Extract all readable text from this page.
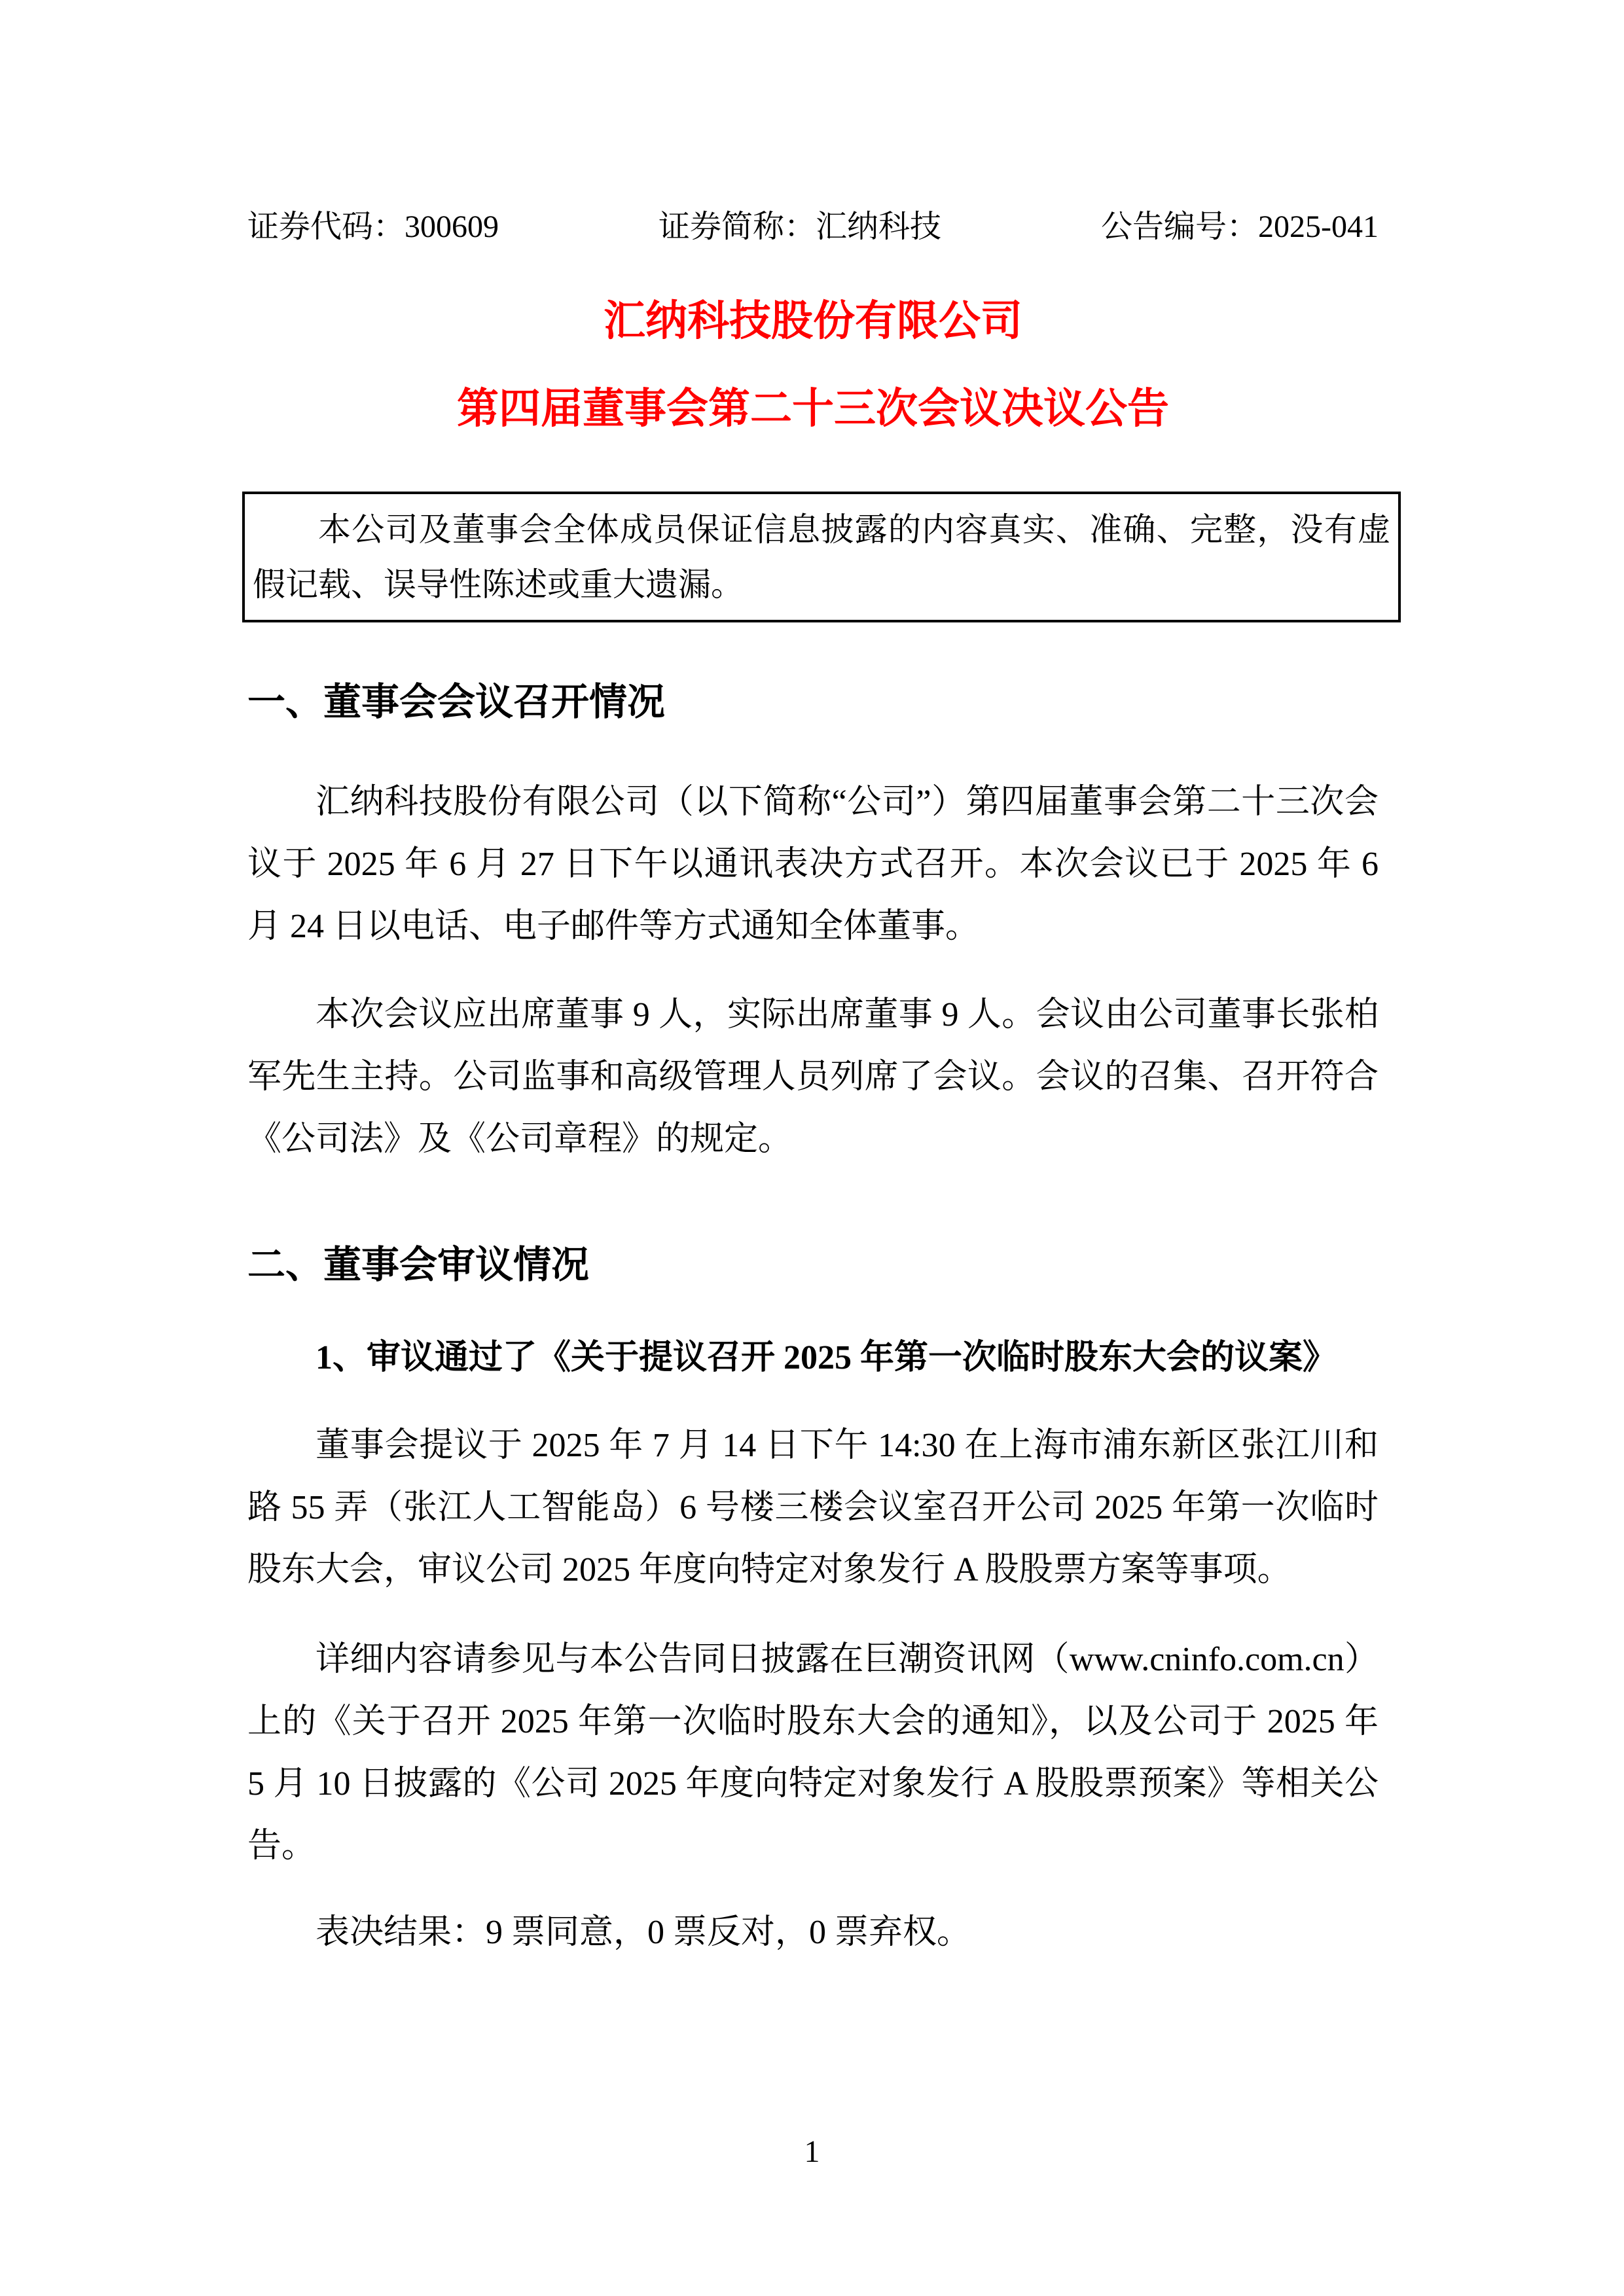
证券代码：300609	证券简称：汇纳科技	公告编号：2025-041
汇纳科技股份有限公司
第四届董事会第二十三次会议决议公告

本公司及董事会全体成员保证信息披露的内容真实、准确、完整，没有虚假记载、误导性陈述或重大遗漏。

一、董事会会议召开情况

汇纳科技股份有限公司（以下简称“公司”）第四届董事会第二十三次会议于 2025 年 6 月 27 日下午以通讯表决方式召开。本次会议已于 2025 年 6 月 24 日以电话、电子邮件等方式通知全体董事。

本次会议应出席董事 9 人，实际出席董事 9 人。会议由公司董事长张柏军先生主持。公司监事和高级管理人员列席了会议。会议的召集、召开符合《公司法》及《公司章程》的规定。

二、董事会审议情况
1、审议通过了《关于提议召开 2025 年第一次临时股东大会的议案》

董事会提议于 2025 年 7 月 14 日下午 14:30 在上海市浦东新区张江川和路 55 弄（张江人工智能岛）6 号楼三楼会议室召开公司 2025 年第一次临时股东大会，审议公司 2025 年度向特定对象发行 A 股股票方案等事项。

详细内容请参见与本公告同日披露在巨潮资讯网（www.cninfo.com.cn）上的《关于召开 2025 年第一次临时股东大会的通知》，以及公司于 2025 年 5 月 10 日披露的《公司 2025 年度向特定对象发行 A 股股票预案》等相关公告。

表决结果：9 票同意，0 票反对，0 票弃权。

1
